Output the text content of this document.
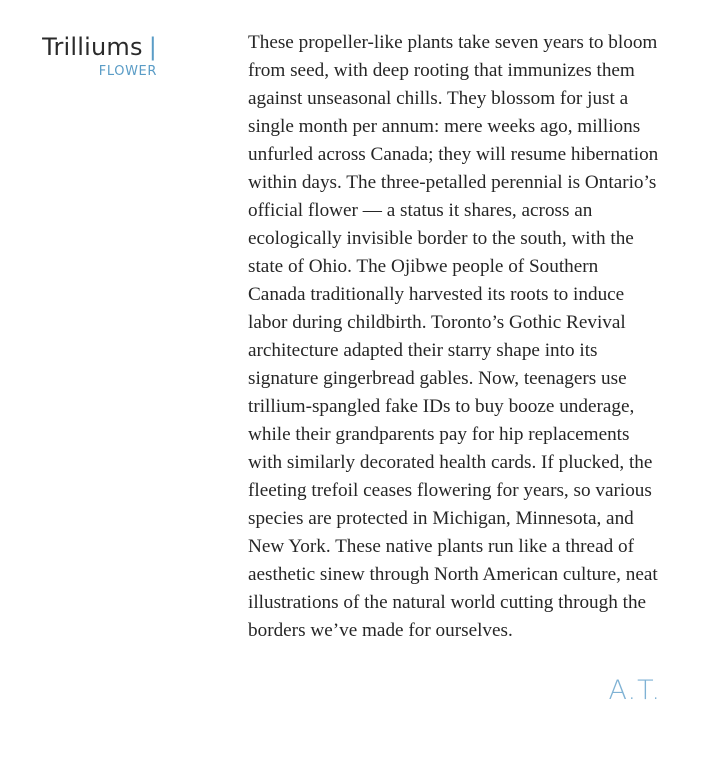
Trilliums |
FLOWER

These propeller-like plants take seven years to bloom from seed, with deep rooting that immunizes them against unseasonal chills. They blossom for just a single month per annum: mere weeks ago, millions unfurled across Canada; they will resume hibernation within days. The three-petalled perennial is Ontario’s official flower — a status it shares, across an ecologically invisible border to the south, with the state of Ohio. The Ojibwe people of Southern Canada traditionally harvested its roots to induce labor during childbirth. Toronto’s Gothic Revival architecture adapted their starry shape into its signature gingerbread gables. Now, teenagers use trillium-spangled fake IDs to buy booze underage, while their grandparents pay for hip replacements with similarly decorated health cards. If plucked, the fleeting trefoil ceases flowering for years, so various species are protected in Michigan, Minnesota, and New York. These native plants run like a thread of aesthetic sinew through North American culture, neat illustrations of the natural world cutting through the borders we’ve made for ourselves.

A.T.
